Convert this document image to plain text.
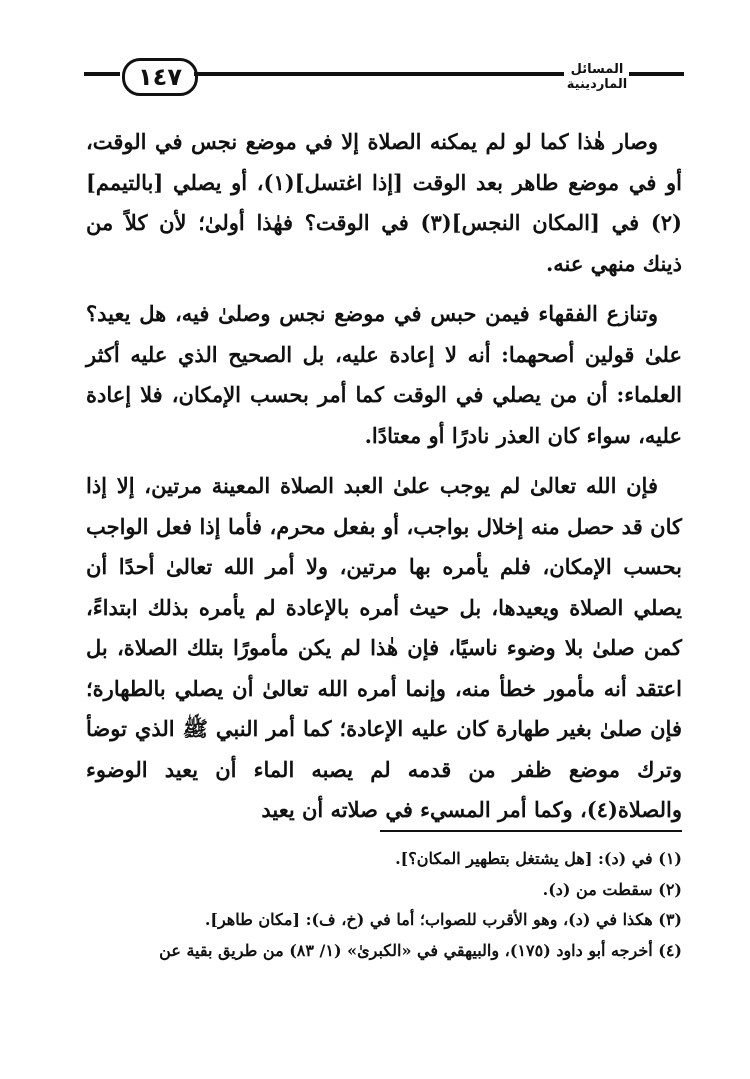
١٤٧	المسائل الماردينية

وصار هٰذا كما لو لم يمكنه الصلاة إلا في موضع نجس في الوقت، أو في موضع طاهر بعد الوقت [إذا اغتسل](١)، أو يصلي [بالتيمم](٢) في [المكان النجس](٣) في الوقت؟ فهٰذا أولىٰ؛ لأن كلاً من ذينك منهي عنه.

وتنازع الفقهاء فيمن حبس في موضع نجس وصلىٰ فيه، هل يعيد؟ علىٰ قولين أصحهما: أنه لا إعادة عليه، بل الصحيح الذي عليه أكثر العلماء: أن من يصلي في الوقت كما أمر بحسب الإمكان، فلا إعادة عليه، سواء كان العذر نادرًا أو معتادًا.

فإن الله تعالىٰ لم يوجب علىٰ العبد الصلاة المعينة مرتين، إلا إذا كان قد حصل منه إخلال بواجب، أو بفعل محرم، فأما إذا فعل الواجب بحسب الإمكان، فلم يأمره بها مرتين، ولا أمر الله تعالىٰ أحدًا أن يصلي الصلاة ويعيدها، بل حيث أمره بالإعادة لم يأمره بذلك ابتداءً، كمن صلىٰ بلا وضوء ناسيًا، فإن هٰذا لم يكن مأمورًا بتلك الصلاة، بل اعتقد أنه مأمور خطأ منه، وإنما أمره الله تعالىٰ أن يصلي بالطهارة؛ فإن صلىٰ بغير طهارة كان عليه الإعادة؛ كما أمر النبي ﷺ الذي توضأ وترك موضع ظفر من قدمه لم يصبه الماء أن يعيد الوضوء والصلاة(٤)، وكما أمر المسيء في صلاته أن يعيد

(١) في (د): [هل يشتغل بتطهير المكان؟].

(٢) سقطت من (د).

(٣) هكذا في (د)، وهو الأقرب للصواب؛ أما في (خ، ف): [مكان طاهر].

(٤) أخرجه أبو داود (١٧٥)، والبيهقي في «الكبرىٰ» (١/ ٨٣) من طريق بقية عن
